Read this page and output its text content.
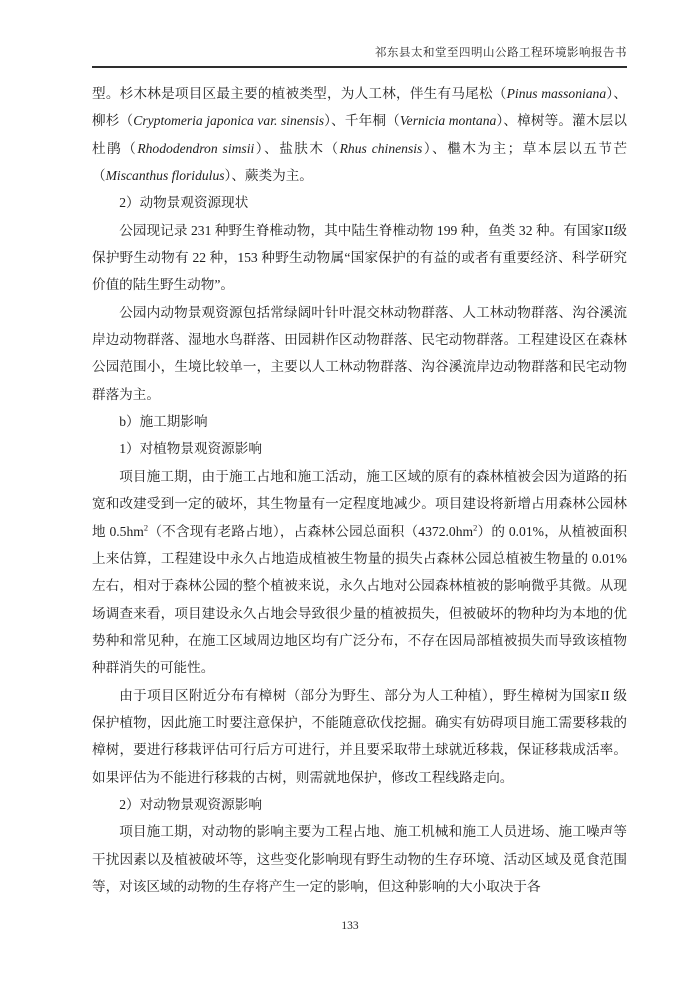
祁东县太和堂至四明山公路工程环境影响报告书

型。杉木林是项目区最主要的植被类型，为人工林，伴生有马尾松（Pinus massoniana）、柳杉（Cryptomeria japonica var. sinensis）、千年桐（Vernicia montana）、樟树等。灌木层以杜鹃（Rhododendron simsii）、盐肤木（Rhus chinensis）、檵木为主；草本层以五节芒（Miscanthus floridulus）、蕨类为主。

2）动物景观资源现状

公园现记录 231 种野生脊椎动物，其中陆生脊椎动物 199 种，鱼类 32 种。有国家II级保护野生动物有 22 种，153 种野生动物属“国家保护的有益的或者有重要经济、科学研究价值的陆生野生动物”。

公园内动物景观资源包括常绿阔叶针叶混交林动物群落、人工林动物群落、沟谷溪流岸边动物群落、湿地水鸟群落、田园耕作区动物群落、民宅动物群落。工程建设区在森林公园范围小，生境比较单一，主要以人工林动物群落、沟谷溪流岸边动物群落和民宅动物群落为主。

b）施工期影响

1）对植物景观资源影响

项目施工期，由于施工占地和施工活动，施工区域的原有的森林植被会因为道路的拓宽和改建受到一定的破坏，其生物量有一定程度地减少。项目建设将新增占用森林公园林地 $0.5hm^2$（不含现有老路占地），占森林公园总面积$(4372.0hm^2)$的 0.01%，从植被面积上来估算，工程建设中永久占地造成植被生物量的损失占森林公园总植被生物量的 0.01%左右，相对于森林公园的整个植被来说，永久占地对公园森林植被的影响微乎其微。从现场调查来看，项目建设永久占地会导致很少量的植被损失，但被破坏的物种均为本地的优势种和常见种，在施工区域周边地区均有广泛分布，不存在因局部植被损失而导致该植物种群消失的可能性。

由于项目区附近分布有樟树（部分为野生、部分为人工种植），野生樟树为国家II 级保护植物，因此施工时要注意保护，不能随意砍伐挖掘。确实有妨碍项目施工需要移栽的樟树，要进行移栽评估可行后方可进行，并且要采取带土球就近移栽，保证移栽成活率。如果评估为不能进行移栽的古树，则需就地保护，修改工程线路走向。

2）对动物景观资源影响

项目施工期，对动物的影响主要为工程占地、施工机械和施工人员进场、施工噪声等干扰因素以及植被破坏等，这些变化影响现有野生动物的生存环境、活动区域及觅食范围等，对该区域的动物的生存将产生一定的影响，但这种影响的大小取决于各

133
